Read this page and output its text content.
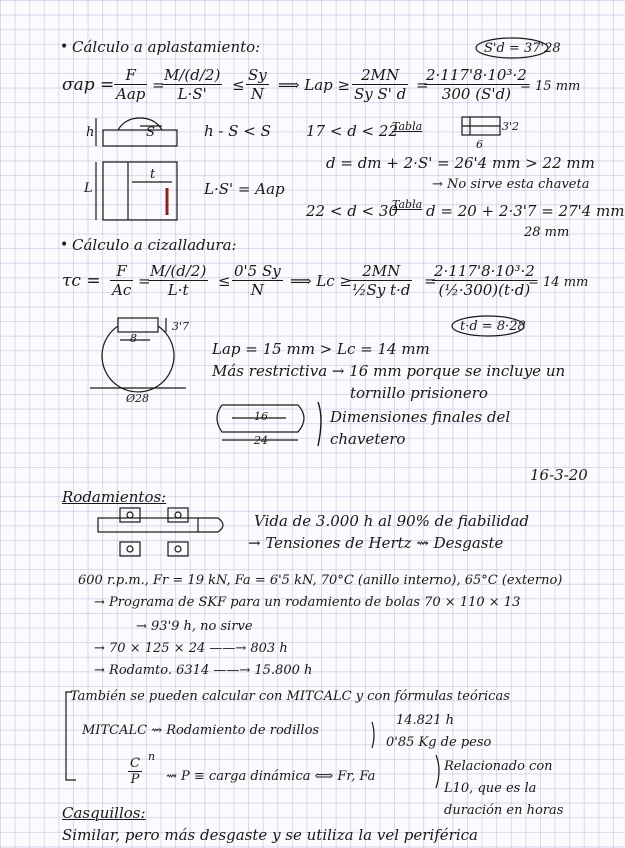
• Cálculo a aplastamiento:	S'd = 37'28
σap = F
Aap =
$\frac{M/(d/2)}{L\cdot S'} \le \frac{Sy}{N}$ ⟹ Lap ≥ $\frac{2MN}{\text{Sy S' d}}$ =
$\frac{\text{2·117'8·10³·2}}{300 (S'd)}$
= 15 mm
h	S	h - S < S 17 < d < 22
Tabla	3'2
6
d = dm + 2·S' = 26'4 mm > 22 mm
L
t
L·S' = Aap	→ No sirve esta chaveta
22 < d < 30
Tabla d = 20 + 2·3'7 = 27'4 mm
28 mm
• Cálculo a cizalladura:
$\tau c = \frac{F}{Ac}$ =
$\frac{M/(d/2)}{L\cdot t} \le \frac{0'5 Sy}{N}$ ⟹ Lc ≥
$\frac{2MN}{\text{½Sy t·d}}$ =
$\frac{\text{2·117'8·10³·2}}{\text{(½·300)(t·d)}}$
= 14 mm
t·d = 8·28
8
3'7
Ø28
Lap = 15 mm > Lc = 14 mm
Más restrictiva → 16 mm porque se incluye un
tornillo prisionero
16
24
Dimensiones finales del
chavetero
16-3-20
Rodamientos:
Vida de 3.000 h al 90% de fiabilidad
→ Tensiones de Hertz ⇝ Desgaste
600 r.p.m., Fr = 19 kN, Fa = 6'5 kN, 70°C (anillo interno), 65°C (externo)
→ Programa de SKF para un rodamiento de bolas 70 × 110 × 13
→ 93'9 h, no sirve
→ 70 × 125 × 24 ——→ 803 h
→ Rodamto. 6314 ——→ 15.800 h
También se pueden calcular con MITCALC y con fórmulas teóricas
MITCALC ⇝ Rodamiento de rodillos
14.821 h
0'85 Kg de peso
$\frac{C}{P}$ n
⇝ P ≡ carga dinámica ⟺ Fr, Fa
Relacionado con
L10, que es la
duración en horas
Casquillos:
Similar, pero más desgaste y se utiliza la vel periférica
